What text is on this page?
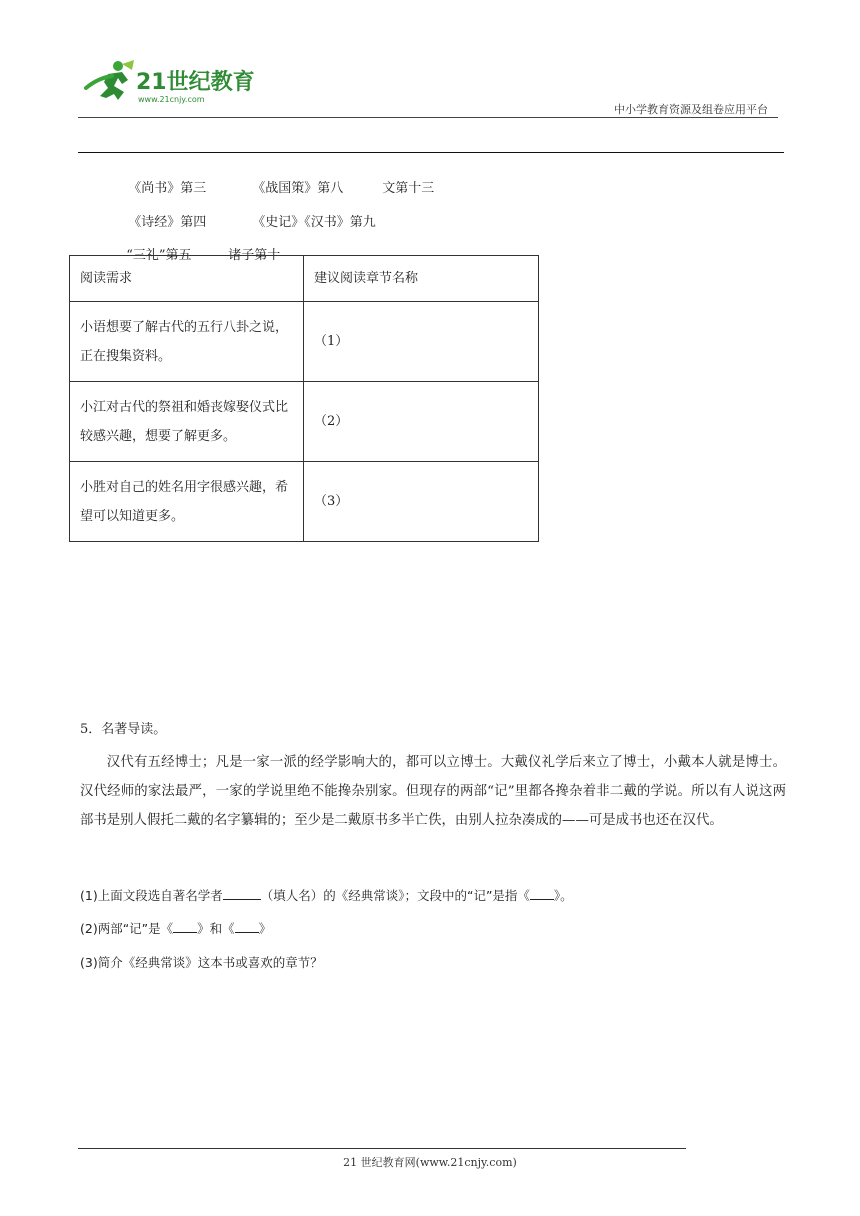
21世纪教育
www.21cnjy.com
中小学教育资源及组卷应用平台

《尚书》第三	《战国策》第八	文第十三

《诗经》第四	《史记》《汉书》第九

“三礼”第五	诸子第十

阅读需求	建议阅读章节名称
小语想要了解古代的五行八卦之说，正在搜集资料。	（1）
小江对古代的祭祖和婚丧嫁娶仪式比较感兴趣，想要了解更多。	（2）
小胜对自己的姓名用字很感兴趣，希望可以知道更多。	（3）
5．名著导读。

汉代有五经博士；凡是一家一派的经学影响大的，都可以立博士。大戴仪礼学后来立了博士，小戴本人就是博士。汉代经师的家法最严，一家的学说里绝不能搀杂别家。但现存的两部“记”里都各搀杂着非二戴的学说。所以有人说这两部书是别人假托二戴的名字纂辑的；至少是二戴原书多半亡佚，由别人拉杂凑成的——可是成书也还在汉代。

(1)上面文段选自著名学者	（填人名）的《经典常谈》；文段中的“记”是指《 》。
(2)两部“记”是《 》和《 》
(3)简介《经典常谈》这本书或喜欢的章节？
21 世纪教育网(www.21cnjy.com)
